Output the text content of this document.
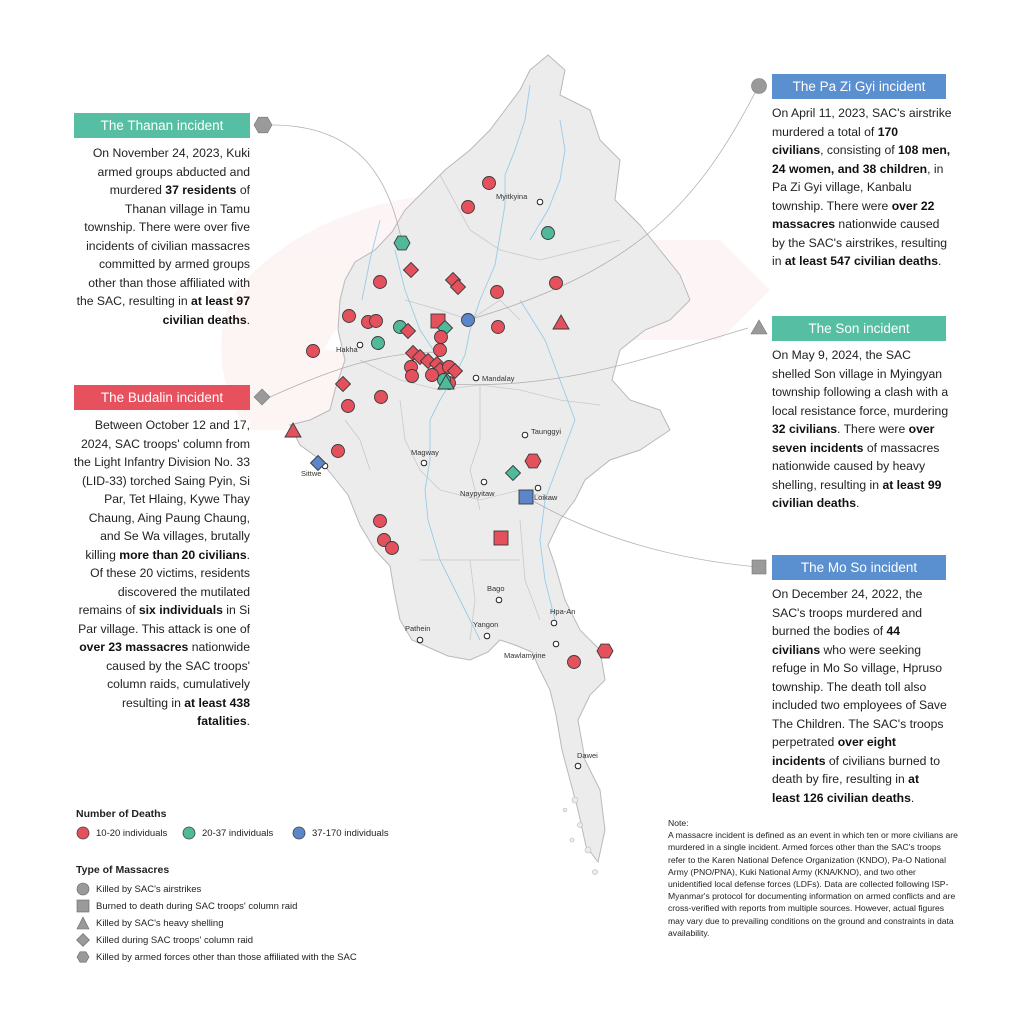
Myitkyina
Hakha
Mandalay
Sittwe
Magway
Taunggyi
Naypyitaw	Loikaw
Bago
Pathein	Yangon
Hpa-An
Mawlamyine
Dawei
The Thanan incident
On November 24, 2023, Kuki armed groups abducted and murdered 37 residents of Thanan village in Tamu township. There were over five incidents of civilian massacres committed by armed groups other than those affiliated with the SAC, resulting in at least 97 civilian deaths.
The Budalin incident
Between October 12 and 17, 2024, SAC troops' column from the Light Infantry Division No. 33 (LID-33) torched Saing Pyin, Si Par, Tet Hlaing, Kywe Thay Chaung, Aing Paung Chaung, and Se Wa villages, brutally killing more than 20 civilians. Of these 20 victims, residents discovered the mutilated remains of six individuals in Si Par village. This attack is one of over 23 massacres nationwide caused by the SAC troops' column raids, cumulatively resulting in at least 438 fatalities.
The Pa Zi Gyi incident
On April 11, 2023, SAC's airstrike murdered a total of 170 civilians, consisting of 108 men, 24 women, and 38 children, in Pa Zi Gyi village, Kanbalu township. There were over 22 massacres nationwide caused by the SAC's airstrikes, resulting in at least 547 civilian deaths.
The Son incident
On May 9, 2024, the SAC shelled Son village in Myingyan township following a clash with a local resistance force, murdering 32 civilians. There were over seven incidents of massacres nationwide caused by heavy shelling, resulting in at least 99 civilian deaths.
The Mo So incident
On December 24, 2022, the SAC's troops murdered and burned the bodies of 44 civilians who were seeking refuge in Mo So village, Hpruso township. The death toll also included two employees of Save The Children. The SAC's troops perpetrated over eight incidents of civilians burned to death by fire, resulting in at least 126 civilian deaths.
Number of Deaths
10-20 individuals	20-37 individuals	37-170 individuals
Type of Massacres
Killed by SAC's airstrikes
Burned to death during SAC troops' column raid
Killed by SAC's heavy shelling
Killed during SAC troops' column raid
Killed by armed forces other than those affiliated with the SAC
Note:
A massacre incident is defined as an event in which ten or more civilians are murdered in a single incident. Armed forces other than the SAC's troops refer to the Karen National Defence Organization (KNDO), Pa-O National Army (PNO/PNA), Kuki National Army (KNA/KNO), and two other unidentified local defense forces (LDFs). Data are collected following ISP-Myanmar's protocol for documenting information on armed conflicts and are cross-verified with reports from multiple sources. However, actual figures may vary due to prevailing conditions on the ground and constraints in data availability.
